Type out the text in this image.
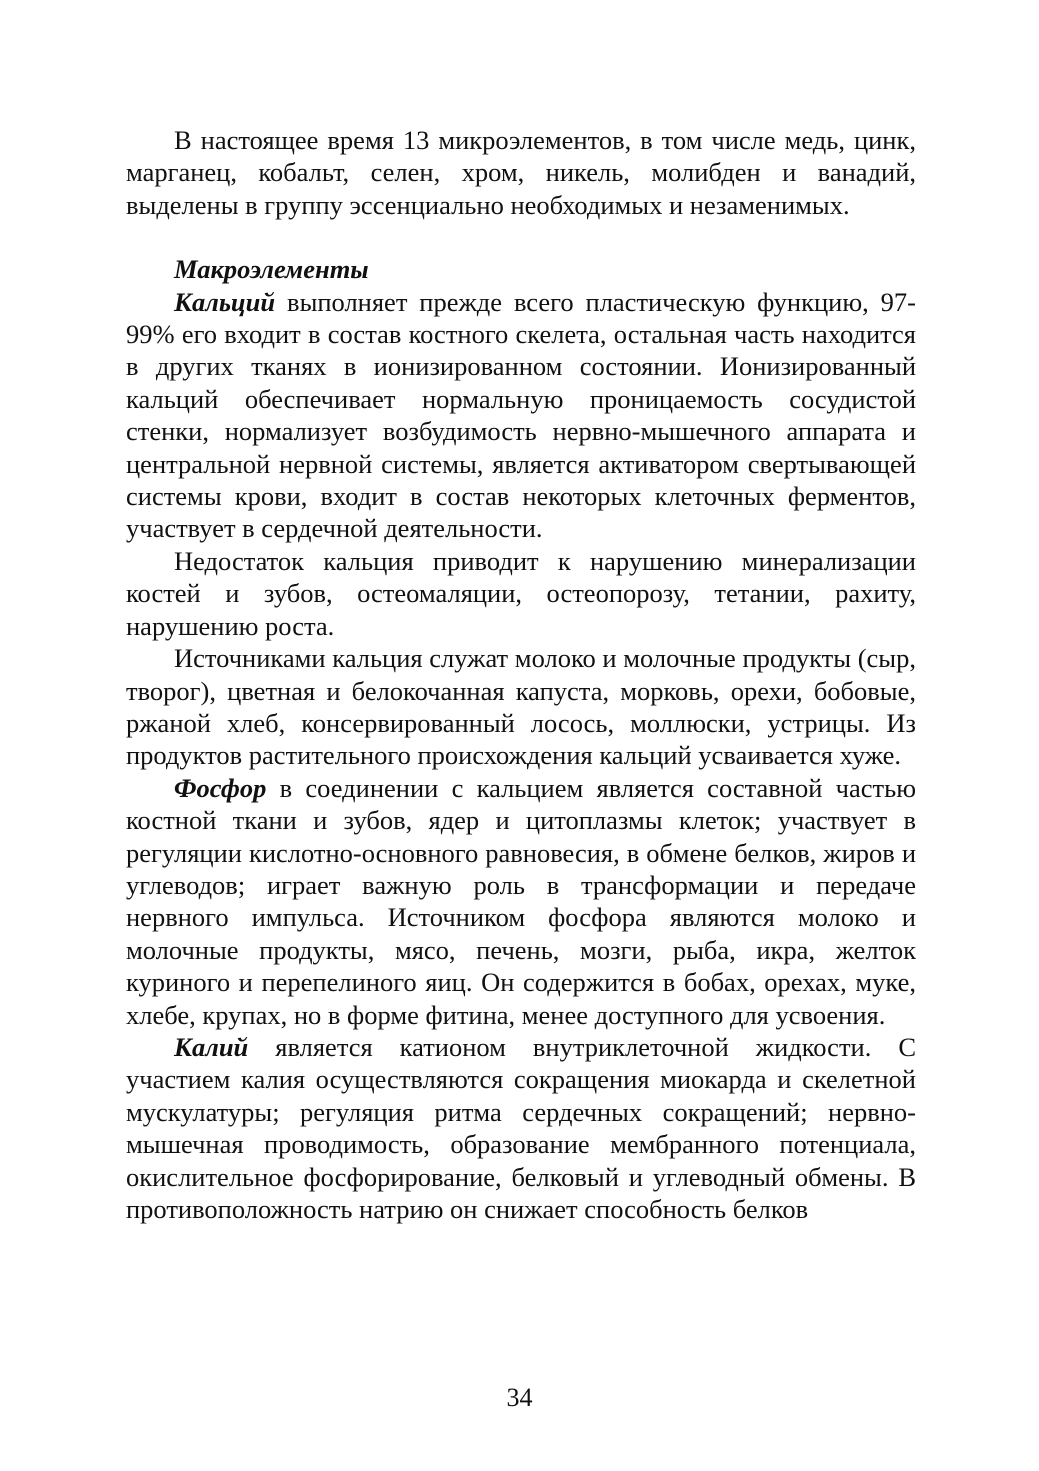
В настоящее время 13 микроэлементов, в том числе медь, цинк, марганец, кобальт, селен, хром, никель, молибден и ванадий, выделены в группу эссенциально необходимых и незаменимых.

Макроэлементы

Кальций выполняет прежде всего пластическую функцию, 97-99% его входит в состав костного скелета, остальная часть находится в других тканях в ионизированном состоянии. Ионизированный кальций обеспечивает нормальную проницаемость сосудистой стенки, нормализует возбудимость нервно-мышечного аппарата и центральной нервной системы, является активатором свертывающей системы крови, входит в состав некоторых клеточных ферментов, участвует в сердечной деятельности.

Недостаток кальция приводит к нарушению минерализации костей и зубов, остеомаляции, остеопорозу, тетании, рахиту, нарушению роста.

Источниками кальция служат молоко и молочные продукты (сыр, творог), цветная и белокочанная капуста, морковь, орехи, бобовые, ржаной хлеб, консервированный лосось, моллюски, устрицы. Из продуктов растительного происхождения кальций усваивается хуже.

Фосфор в соединении с кальцием является составной частью костной ткани и зубов, ядер и цитоплазмы клеток; участвует в регуляции кислотно-основного равновесия, в обмене белков, жиров и углеводов; играет важную роль в трансформации и передаче нервного импульса. Источником фосфора являются молоко и молочные продукты, мясо, печень, мозги, рыба, икра, желток куриного и перепелиного яиц. Он содержится в бобах, орехах, муке, хлебе, крупах, но в форме фитина, менее доступного для усвоения.

Калий является катионом внутриклеточной жидкости. С участием калия осуществляются сокращения миокарда и скелетной мускулатуры; регуляция ритма сердечных сокращений; нервно-мышечная проводимость, образование мембранного потенциала, окислительное фосфорирование, белковый и углеводный обмены. В противоположность натрию он снижает способность белков

34
